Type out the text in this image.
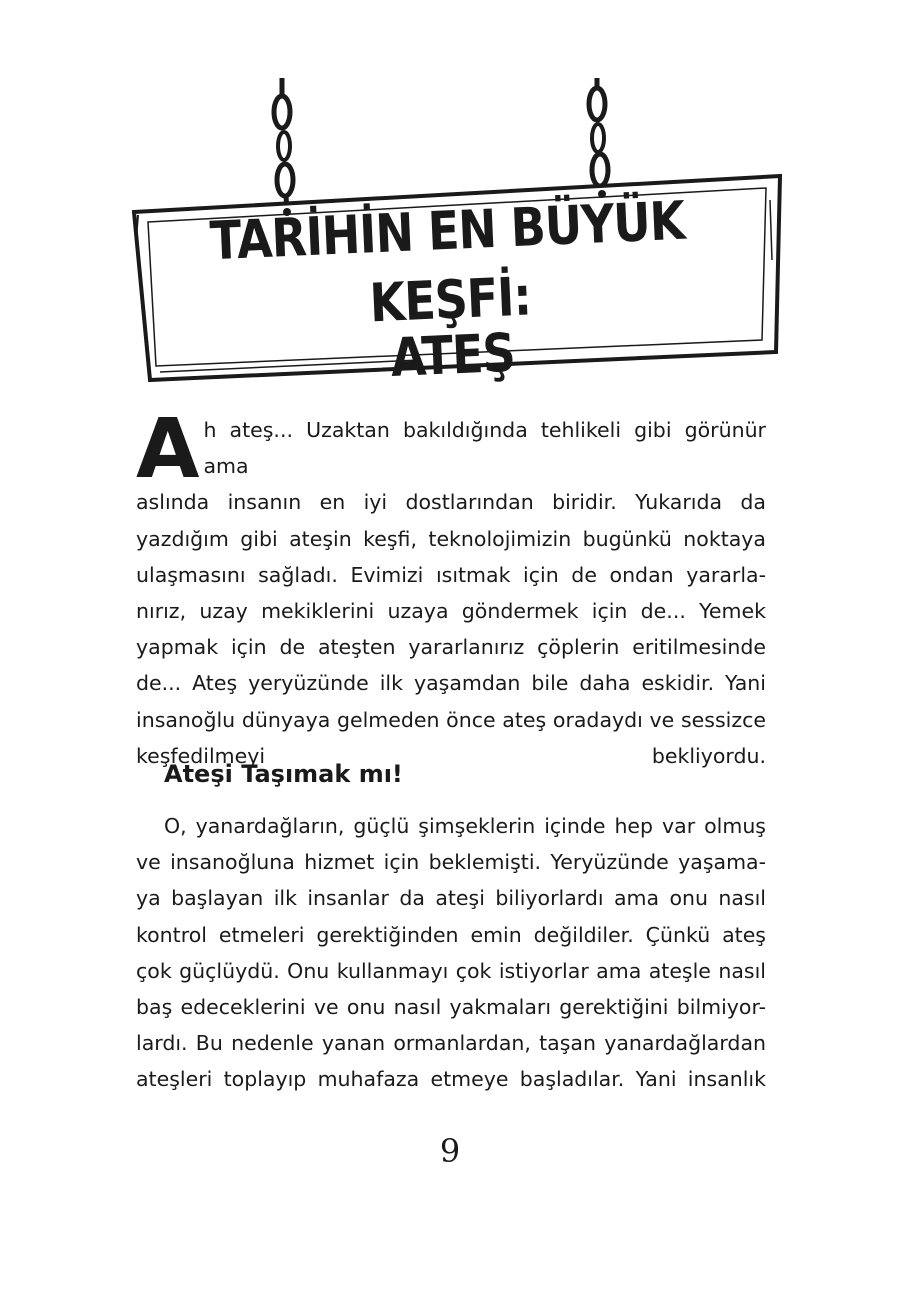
TARİHİN EN BÜYÜK KEŞFİ:
ATEŞ
A h ateş... Uzaktan bakıldığında tehlikeli gibi görünür ama
aslında insanın en iyi dostlarından biridir. Yukarıda da
yazdığım gibi ateşin keşfi, teknolojimizin bugünkü noktaya
ulaşmasını sağladı. Evimizi ısıtmak için de ondan yararla-
nırız, uzay mekiklerini uzaya göndermek için de... Yemek
yapmak için de ateşten yararlanırız çöplerin eritilmesinde
de... Ateş yeryüzünde ilk yaşamdan bile daha eskidir. Yani
insanoğlu dünyaya gelmeden önce ateş oradaydı ve sessizce
keşfedilmeyi bekliyordu.
Ateşi Taşımak mı!
O, yanardağların, güçlü şimşeklerin içinde hep var olmuş
ve insanoğluna hizmet için beklemişti. Yeryüzünde yaşama-
ya başlayan ilk insanlar da ateşi biliyorlardı ama onu nasıl
kontrol etmeleri gerektiğinden emin değildiler. Çünkü ateş
çok güçlüydü. Onu kullanmayı çok istiyorlar ama ateşle nasıl
baş edeceklerini ve onu nasıl yakmaları gerektiğini bilmiyor-
lardı. Bu nedenle yanan ormanlardan, taşan yanardağlardan
ateşleri toplayıp muhafaza etmeye başladılar. Yani insanlık
9
